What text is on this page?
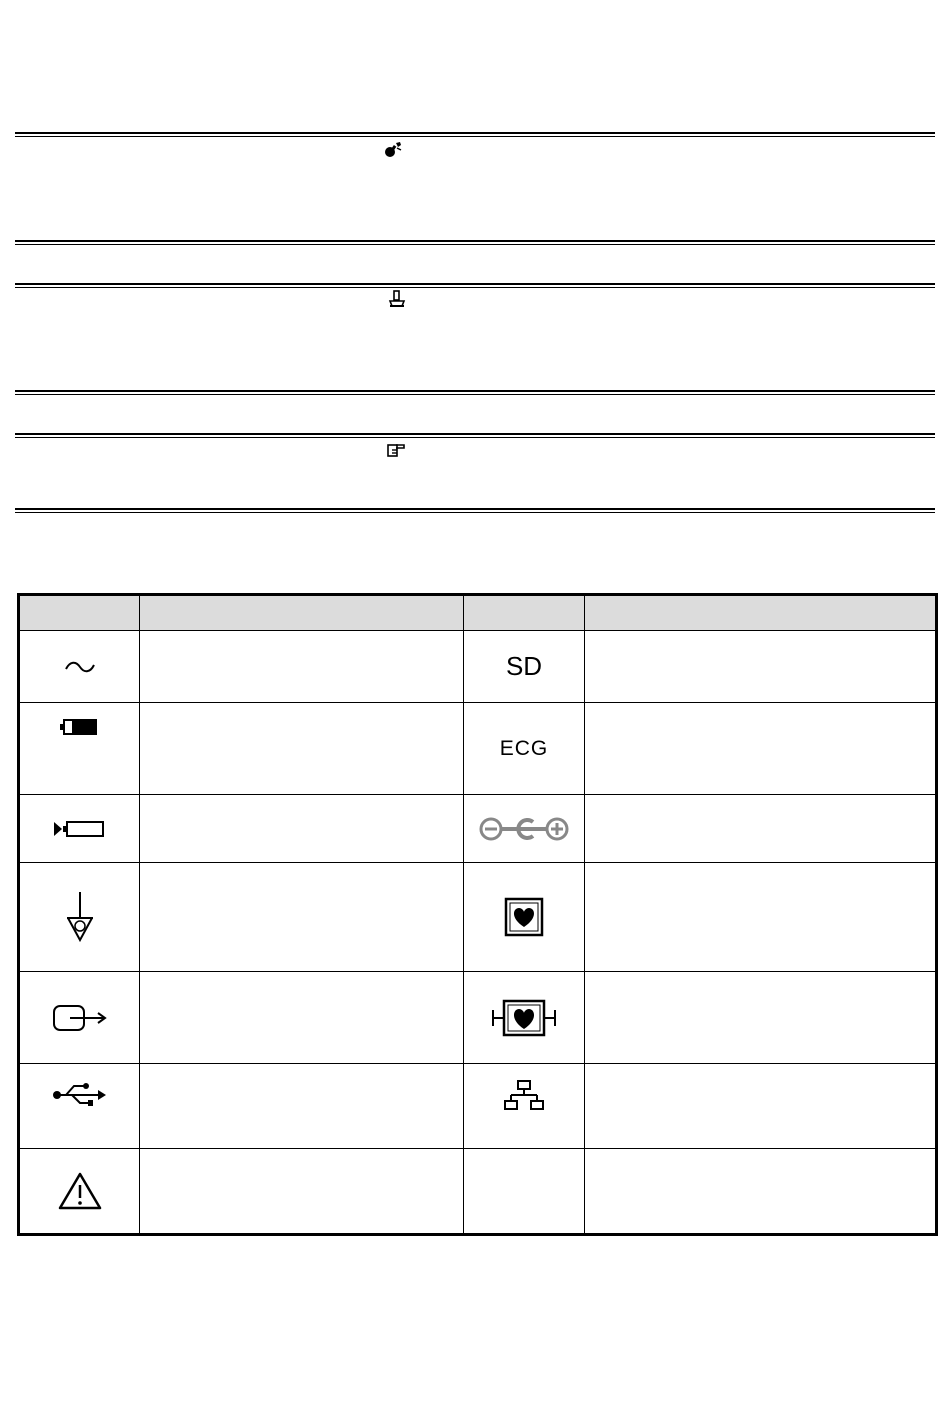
		SD	

		ECG	
